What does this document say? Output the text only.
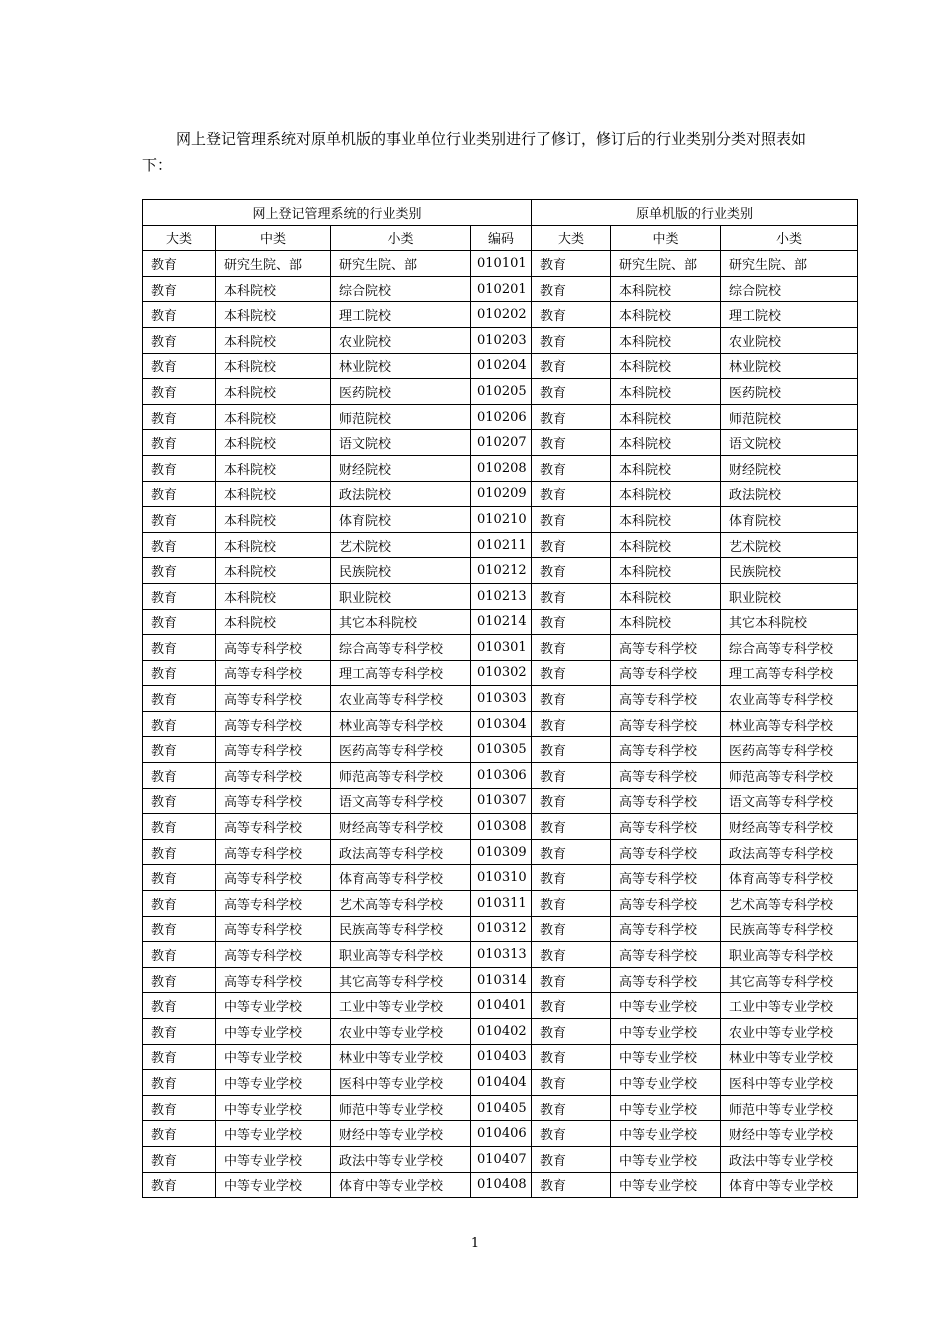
网上登记管理系统对原单机版的事业单位行业类别进行了修订，修订后的行业类别分类对照表如下：

网上登记管理系统的行业类别				原单机版的行业类别		
大类	中类	小类	编码	大类	中类	小类
教育	研究生院、部	研究生院、部	010101	教育	研究生院、部	研究生院、部
教育	本科院校	综合院校	010201	教育	本科院校	综合院校
教育	本科院校	理工院校	010202	教育	本科院校	理工院校
教育	本科院校	农业院校	010203	教育	本科院校	农业院校
教育	本科院校	林业院校	010204	教育	本科院校	林业院校
教育	本科院校	医药院校	010205	教育	本科院校	医药院校
教育	本科院校	师范院校	010206	教育	本科院校	师范院校
教育	本科院校	语文院校	010207	教育	本科院校	语文院校
教育	本科院校	财经院校	010208	教育	本科院校	财经院校
教育	本科院校	政法院校	010209	教育	本科院校	政法院校
教育	本科院校	体育院校	010210	教育	本科院校	体育院校
教育	本科院校	艺术院校	010211	教育	本科院校	艺术院校
教育	本科院校	民族院校	010212	教育	本科院校	民族院校
教育	本科院校	职业院校	010213	教育	本科院校	职业院校
教育	本科院校	其它本科院校	010214	教育	本科院校	其它本科院校
教育	高等专科学校	综合高等专科学校	010301	教育	高等专科学校	综合高等专科学校
教育	高等专科学校	理工高等专科学校	010302	教育	高等专科学校	理工高等专科学校
教育	高等专科学校	农业高等专科学校	010303	教育	高等专科学校	农业高等专科学校
教育	高等专科学校	林业高等专科学校	010304	教育	高等专科学校	林业高等专科学校
教育	高等专科学校	医药高等专科学校	010305	教育	高等专科学校	医药高等专科学校
教育	高等专科学校	师范高等专科学校	010306	教育	高等专科学校	师范高等专科学校
教育	高等专科学校	语文高等专科学校	010307	教育	高等专科学校	语文高等专科学校
教育	高等专科学校	财经高等专科学校	010308	教育	高等专科学校	财经高等专科学校
教育	高等专科学校	政法高等专科学校	010309	教育	高等专科学校	政法高等专科学校
教育	高等专科学校	体育高等专科学校	010310	教育	高等专科学校	体育高等专科学校
教育	高等专科学校	艺术高等专科学校	010311	教育	高等专科学校	艺术高等专科学校
教育	高等专科学校	民族高等专科学校	010312	教育	高等专科学校	民族高等专科学校
教育	高等专科学校	职业高等专科学校	010313	教育	高等专科学校	职业高等专科学校
教育	高等专科学校	其它高等专科学校	010314	教育	高等专科学校	其它高等专科学校
教育	中等专业学校	工业中等专业学校	010401	教育	中等专业学校	工业中等专业学校
教育	中等专业学校	农业中等专业学校	010402	教育	中等专业学校	农业中等专业学校
教育	中等专业学校	林业中等专业学校	010403	教育	中等专业学校	林业中等专业学校
教育	中等专业学校	医科中等专业学校	010404	教育	中等专业学校	医科中等专业学校
教育	中等专业学校	师范中等专业学校	010405	教育	中等专业学校	师范中等专业学校
教育	中等专业学校	财经中等专业学校	010406	教育	中等专业学校	财经中等专业学校
教育	中等专业学校	政法中等专业学校	010407	教育	中等专业学校	政法中等专业学校
教育	中等专业学校	体育中等专业学校	010408	教育	中等专业学校	体育中等专业学校
1
